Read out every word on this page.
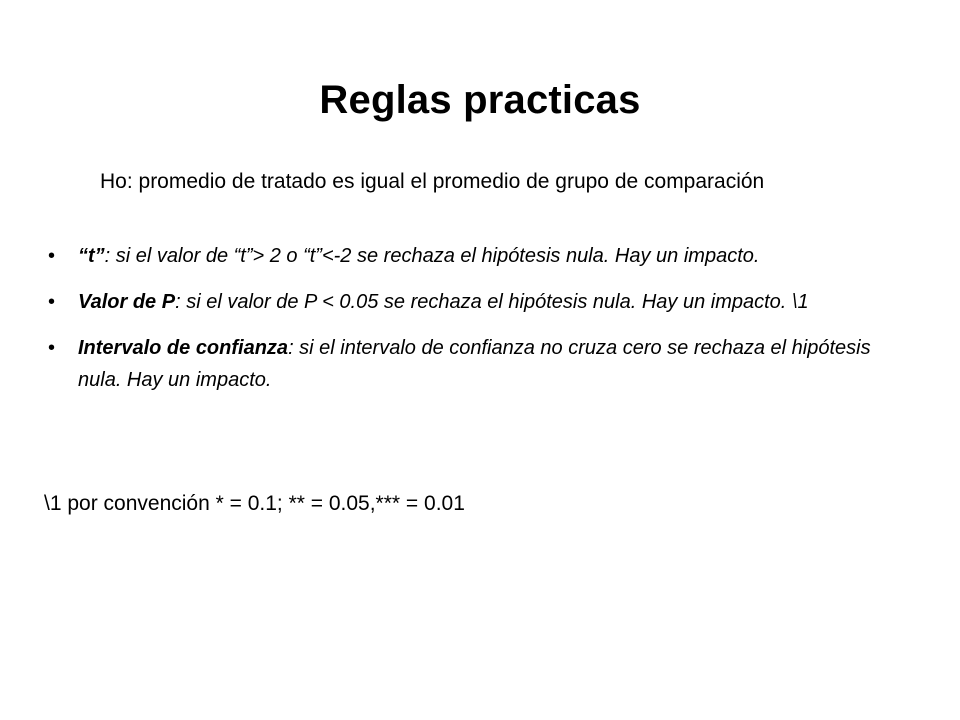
Reglas practicas
Ho: promedio de tratado es igual el promedio de grupo de comparación
• “t”: si el valor de “t”> 2 o “t”<-2 se rechaza el hipótesis nula. Hay un impacto.
• Valor de P: si el valor de P < 0.05 se rechaza el hipótesis nula. Hay un impacto. \1
• Intervalo de confianza: si el intervalo de confianza no cruza cero se rechaza el hipótesis nula. Hay un impacto.
\1 por convención * = 0.1; ** = 0.05,*** = 0.01
